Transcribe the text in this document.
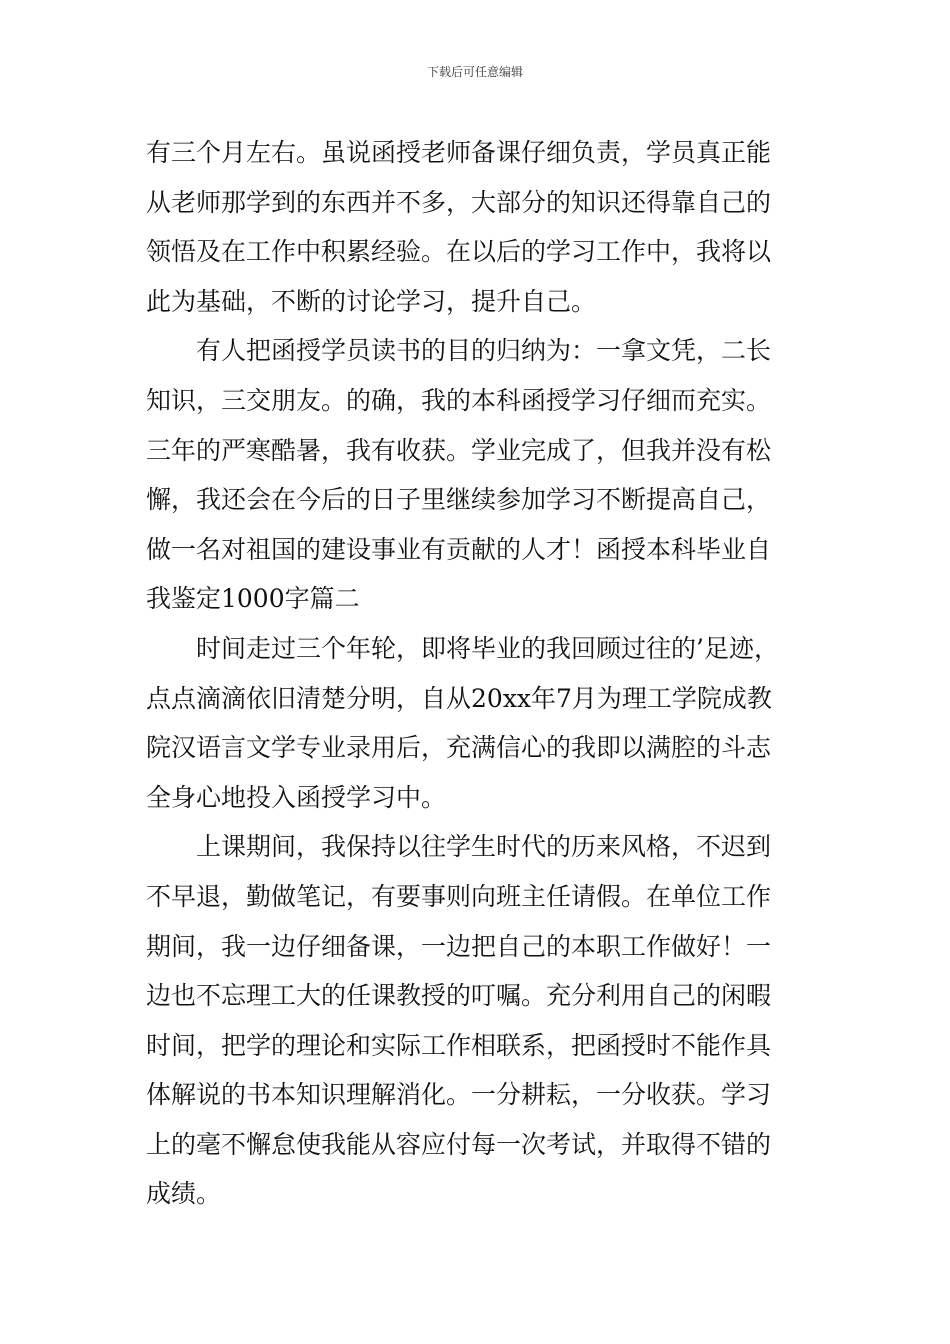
下载后可任意编辑
有三个月左右。虽说函授老师备课仔细负责，学员真正能
从老师那学到的东西并不多，大部分的知识还得靠自己的
领悟及在工作中积累经验。在以后的学习工作中，我将以
此为基础，不断的讨论学习，提升自己。
有人把函授学员读书的目的归纳为：一拿文凭，二长
知识，三交朋友。的确，我的本科函授学习仔细而充实。
三年的严寒酷暑，我有收获。学业完成了，但我并没有松
懈，我还会在今后的日子里继续参加学习不断提高自己，
做一名对祖国的建设事业有贡献的人才！函授本科毕业自
我鉴定1000字篇二
时间走过三个年轮，即将毕业的我回顾过往的’足迹，
点点滴滴依旧清楚分明，自从20xx年7月为理工学院成教
院汉语言文学专业录用后，充满信心的我即以满腔的斗志
全身心地投入函授学习中。
上课期间，我保持以往学生时代的历来风格，不迟到
不早退，勤做笔记，有要事则向班主任请假。在单位工作
期间，我一边仔细备课，一边把自己的本职工作做好！一
边也不忘理工大的任课教授的叮嘱。充分利用自己的闲暇
时间，把学的理论和实际工作相联系，把函授时不能作具
体解说的书本知识理解消化。一分耕耘，一分收获。学习
上的毫不懈怠使我能从容应付每一次考试，并取得不错的
成绩。
